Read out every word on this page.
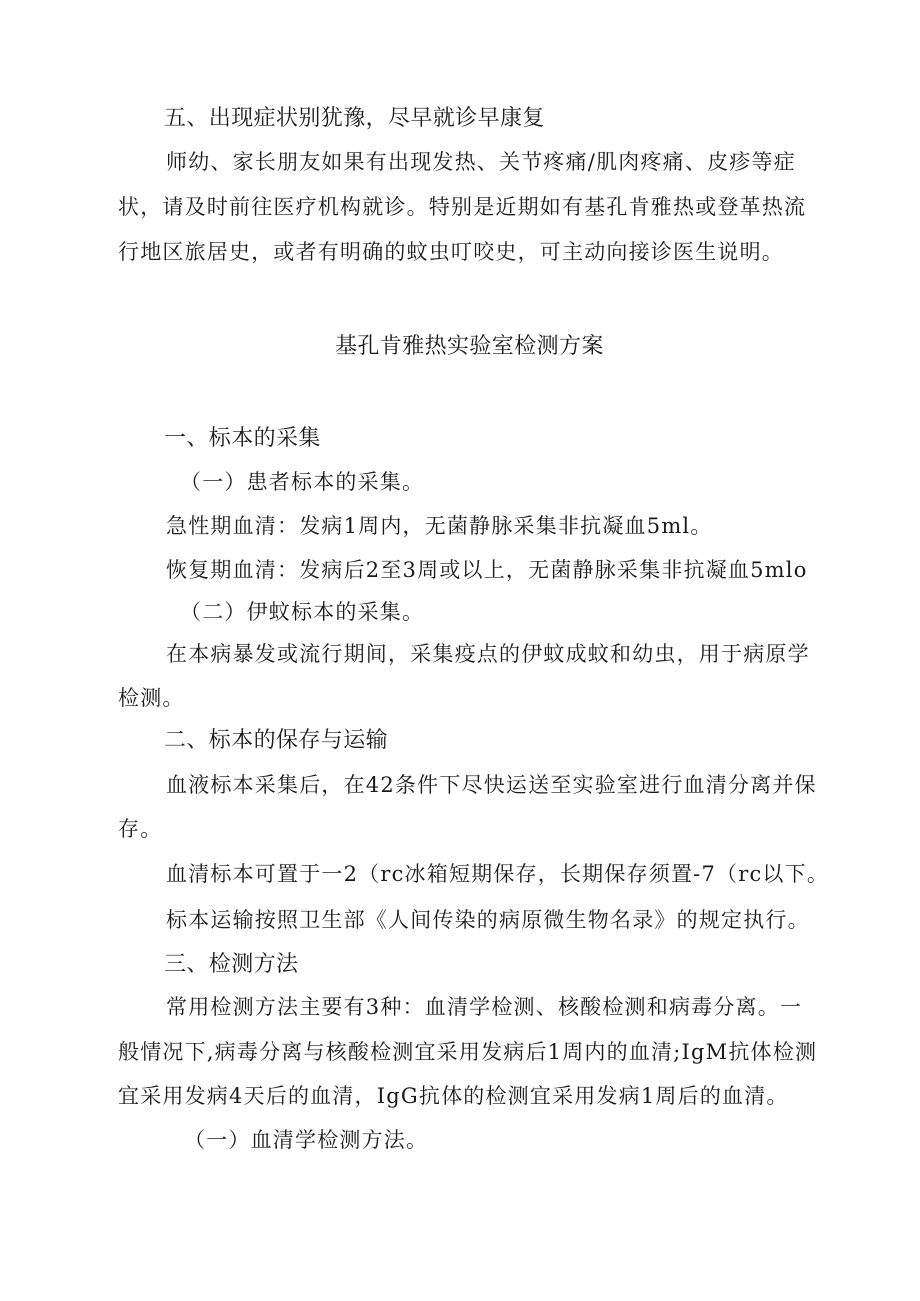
五、出现症状别犹豫，尽早就诊早康复
师幼、家长朋友如果有出现发热、关节疼痛/肌肉疼痛、皮疹等症
状，请及时前往医疗机构就诊。特别是近期如有基孔肯雅热或登革热流
行地区旅居史，或者有明确的蚊虫叮咬史，可主动向接诊医生说明。
基孔肯雅热实验室检测方案
一、标本的采集
（一）患者标本的采集。
急性期血清：发病1周内，无菌静脉采集非抗凝血5ml。
恢复期血清：发病后2至3周或以上，无菌静脉采集非抗凝血5mlo
（二）伊蚊标本的采集。
在本病暴发或流行期间，采集疫点的伊蚊成蚊和幼虫，用于病原学
检测。
二、标本的保存与运输
血液标本采集后，在42条件下尽快运送至实验室进行血清分离并保
存。
血清标本可置于一2（rc冰箱短期保存，长期保存须置-7（rc以下。
标本运输按照卫生部《人间传染的病原微生物名录》的规定执行。
三、检测方法
常用检测方法主要有3种：血清学检测、核酸检测和病毒分离。一
般情况下,病毒分离与核酸检测宜采用发病后1周内的血清;IgM抗体检测
宜采用发病4天后的血清，IgG抗体的检测宜采用发病1周后的血清。
（一）血清学检测方法。
